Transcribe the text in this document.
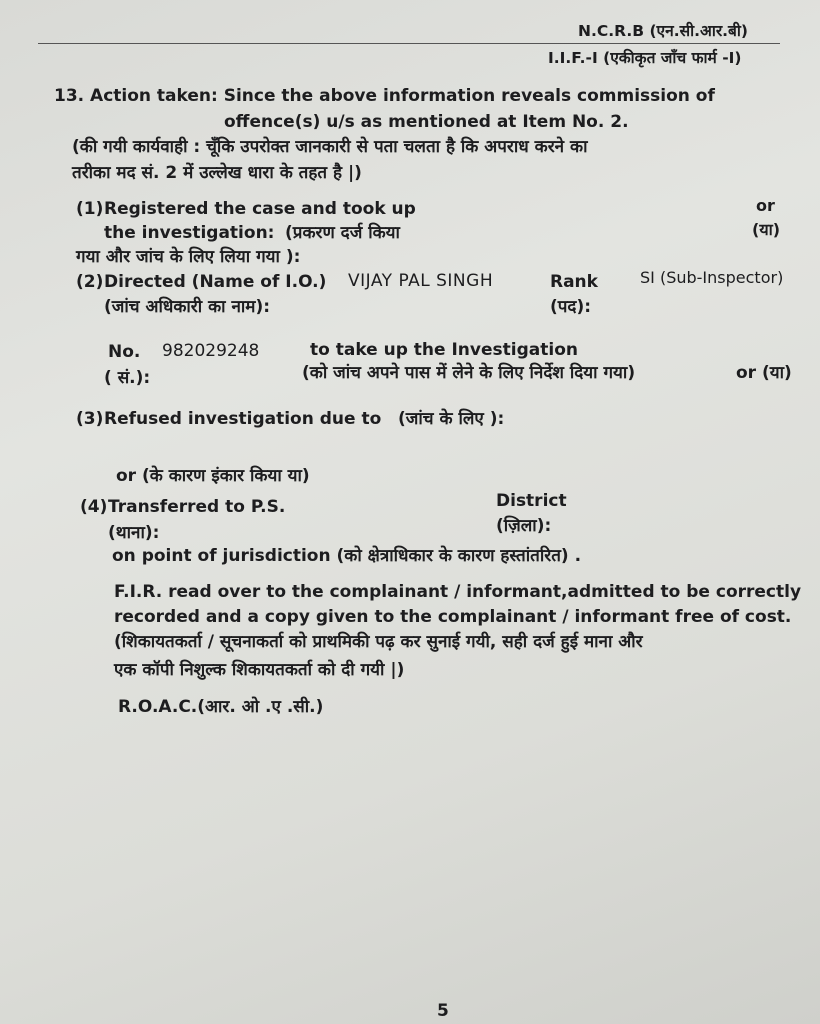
N.C.R.B (एन.सी.आर.बी)
I.I.F.-I (एकीकृत जाँच फार्म -I)
13. Action taken: Since the above information reveals commission of
offence(s) u/s as mentioned at Item No. 2.
(की गयी कार्यवाही : चूँकि उपरोक्त जानकारी से पता चलता है कि अपराध करने का
तरीका मद सं. 2 में उल्लेख धारा के तहत है |)
(1) Registered the case and took up
the investigation: (प्रकरण दर्ज किया
गया और जांच के लिए लिया गया ):
or
(या)
(2) Directed (Name of I.O.) VIJAY PAL SINGH	Rank	SI (Sub-Inspector)
(जांच अधिकारी का नाम):	(पद):
No. 982029248	to take up the Investigation
( सं.):	(को जांच अपने पास में लेने के लिए निर्देश दिया गया)	or (या)
(3) Refused investigation due to (जांच के लिए ):
or (के कारण इंकार किया या)
(4) Transferred to P.S.	District
(थाना):	(ज़िला):
on point of jurisdiction (को क्षेत्राधिकार के कारण हस्तांतरित) .
F.I.R. read over to the complainant / informant,admitted to be correctly
recorded and a copy given to the complainant / informant free of cost.
(शिकायतकर्ता / सूचनाकर्ता को प्राथमिकी पढ़ कर सुनाई गयी, सही दर्ज हुई माना और
एक कॉपी निशुल्क शिकायतकर्ता को दी गयी |)
R.O.A.C.(आर. ओ .ए .सी.)
5
